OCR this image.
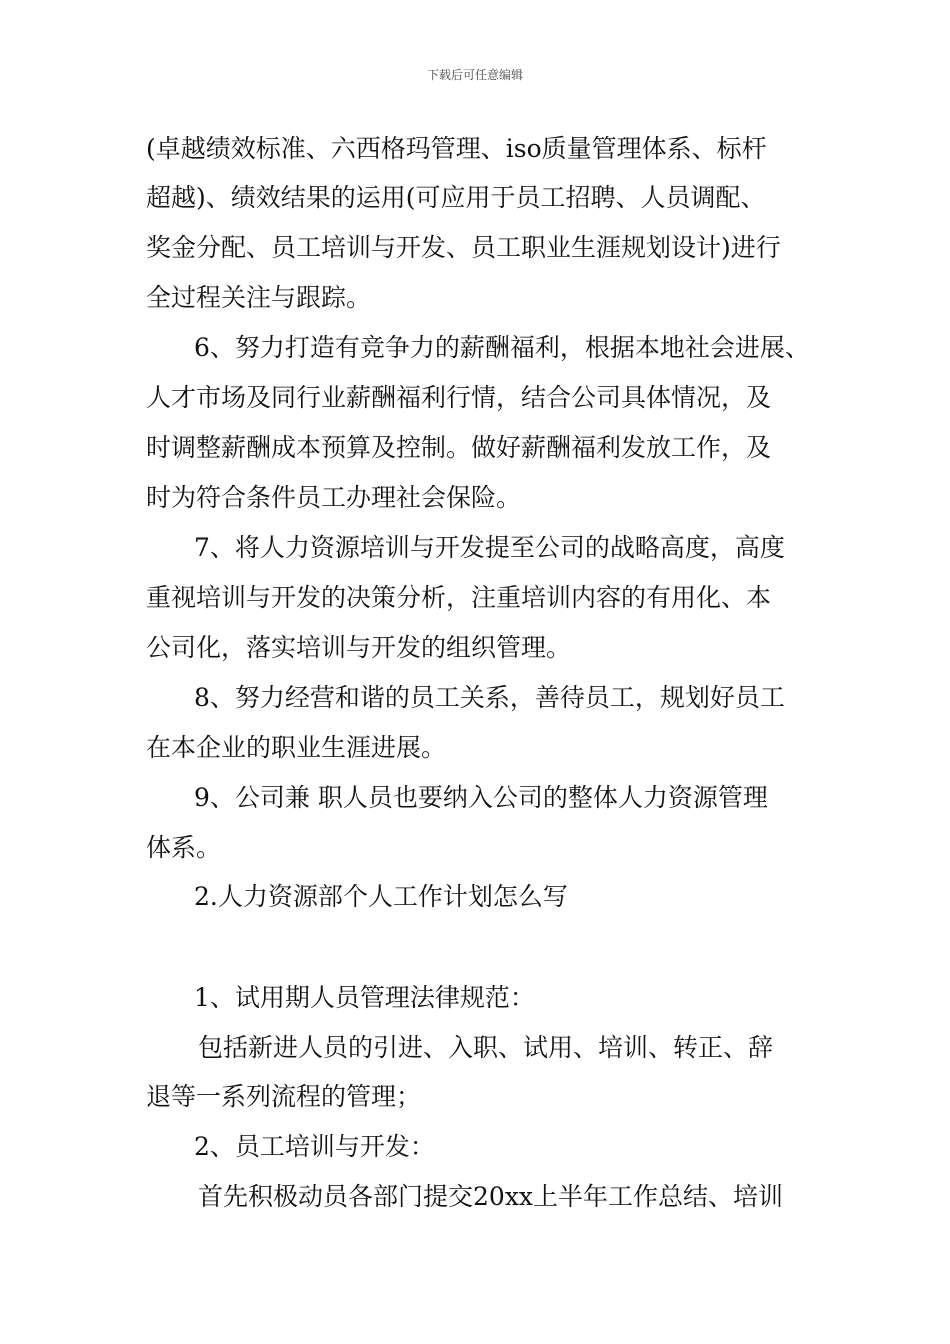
下载后可任意编辑
(卓越绩效标准、六西格玛管理、iso质量管理体系、标杆
超越)、绩效结果的运用(可应用于员工招聘、人员调配、
奖金分配、员工培训与开发、员工职业生涯规划设计)进行
全过程关注与跟踪。
6、努力打造有竞争力的薪酬福利，根据本地社会进展、
人才市场及同行业薪酬福利行情，结合公司具体情况，及
时调整薪酬成本预算及控制。做好薪酬福利发放工作，及
时为符合条件员工办理社会保险。
7、将人力资源培训与开发提至公司的战略高度，高度
重视培训与开发的决策分析，注重培训内容的有用化、本
公司化，落实培训与开发的组织管理。
8、努力经营和谐的员工关系，善待员工，规划好员工
在本企业的职业生涯进展。
9、公司兼 职人员也要纳入公司的整体人力资源管理
体系。
2.人力资源部个人工作计划怎么写
1、试用期人员管理法律规范：
包括新进人员的引进、入职、试用、培训、转正、辞
退等一系列流程的管理；
2、员工培训与开发：
首先积极动员各部门提交20xx上半年工作总结、培训
